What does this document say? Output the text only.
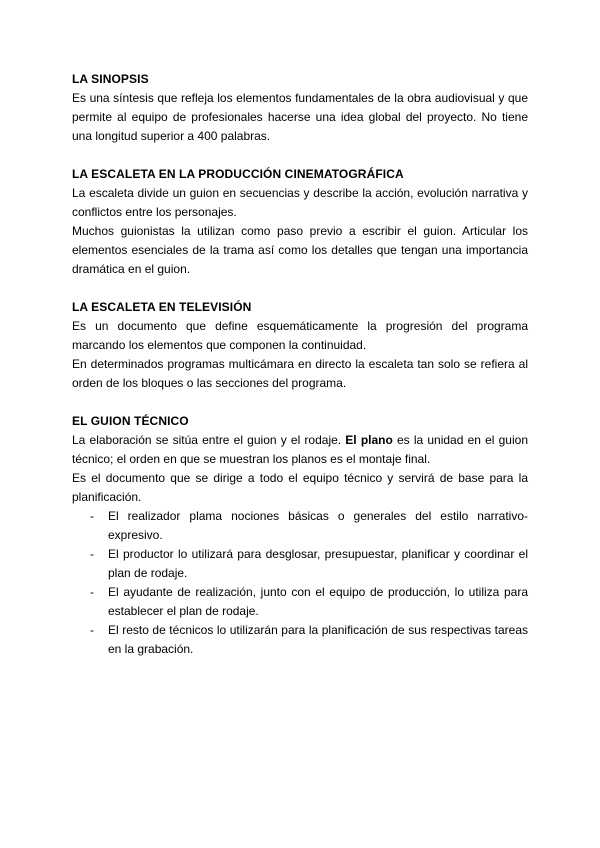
LA SINOPSIS

Es una síntesis que refleja los elementos fundamentales de la obra audiovisual y que permite al equipo de profesionales hacerse una idea global del proyecto. No tiene una longitud superior a 400 palabras.

LA ESCALETA EN LA PRODUCCIÓN CINEMATOGRÁFICA

La escaleta divide un guion en secuencias y describe la acción, evolución narrativa y conflictos entre los personajes.

Muchos guionistas la utilizan como paso previo a escribir el guion. Articular los elementos esenciales de la trama así como los detalles que tengan una importancia dramática en el guion.

LA ESCALETA EN TELEVISIÓN

Es un documento que define esquemáticamente la progresión del programa marcando los elementos que componen la continuidad.

En determinados programas multicámara en directo la escaleta tan solo se refiera al orden de los bloques o las secciones del programa.

EL GUION TÉCNICO

La elaboración se sitúa entre el guion y el rodaje. El plano es la unidad en el guion técnico; el orden en que se muestran los planos es el montaje final.

Es el documento que se dirige a todo el equipo técnico y servirá de base para la planificación.

- El realizador plama nociones básicas o generales del estilo narrativo-expresivo.
- El productor lo utilizará para desglosar, presupuestar, planificar y coordinar el plan de rodaje.
- El ayudante de realización, junto con el equipo de producción, lo utiliza para establecer el plan de rodaje.
- El resto de técnicos lo utilizarán para la planificación de sus respectivas tareas en la grabación.
